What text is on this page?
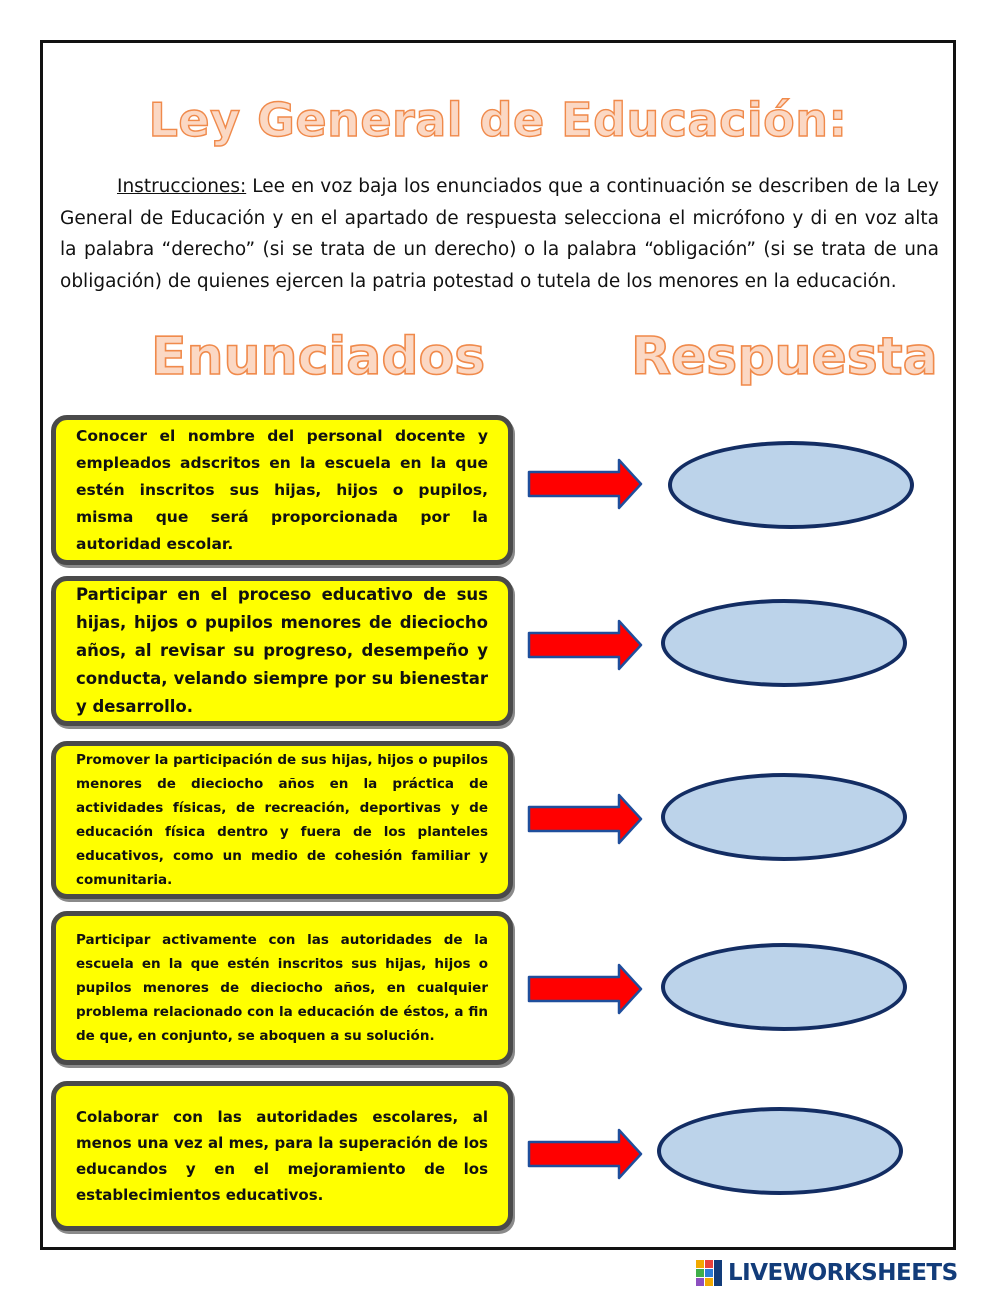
Ley General de Educación:

Instrucciones: Lee en voz baja los enunciados que a continuación se describen de la Ley General de Educación y en el apartado de respuesta selecciona el micrófono y di en voz alta la palabra “derecho” (si se trata de un derecho) o la palabra “obligación” (si se trata de una obligación) de quienes ejercen la patria potestad o tutela de los menores en la educación.

Enunciados	Respuesta
Conocer el nombre del personal docente y empleados adscritos en la escuela en la que estén inscritos sus hijas, hijos o pupilos, misma que será proporcionada por la autoridad escolar.
Participar en el proceso educativo de sus hijas, hijos o pupilos menores de dieciocho años, al revisar su progreso, desempeño y conducta, velando siempre por su bienestar y desarrollo.
Promover la participación de sus hijas, hijos o pupilos menores de dieciocho años en la práctica de actividades físicas, de recreación, deportivas y de educación física dentro y fuera de los planteles educativos, como un medio de cohesión familiar y comunitaria.
Participar activamente con las autoridades de la escuela en la que estén inscritos sus hijas, hijos o pupilos menores de dieciocho años, en cualquier problema relacionado con la educación de éstos, a fin de que, en conjunto, se aboquen a su solución.
Colaborar con las autoridades escolares, al menos una vez al mes, para la superación de los educandos y en el mejoramiento de los establecimientos educativos.
LIVEWORKSHEETS
